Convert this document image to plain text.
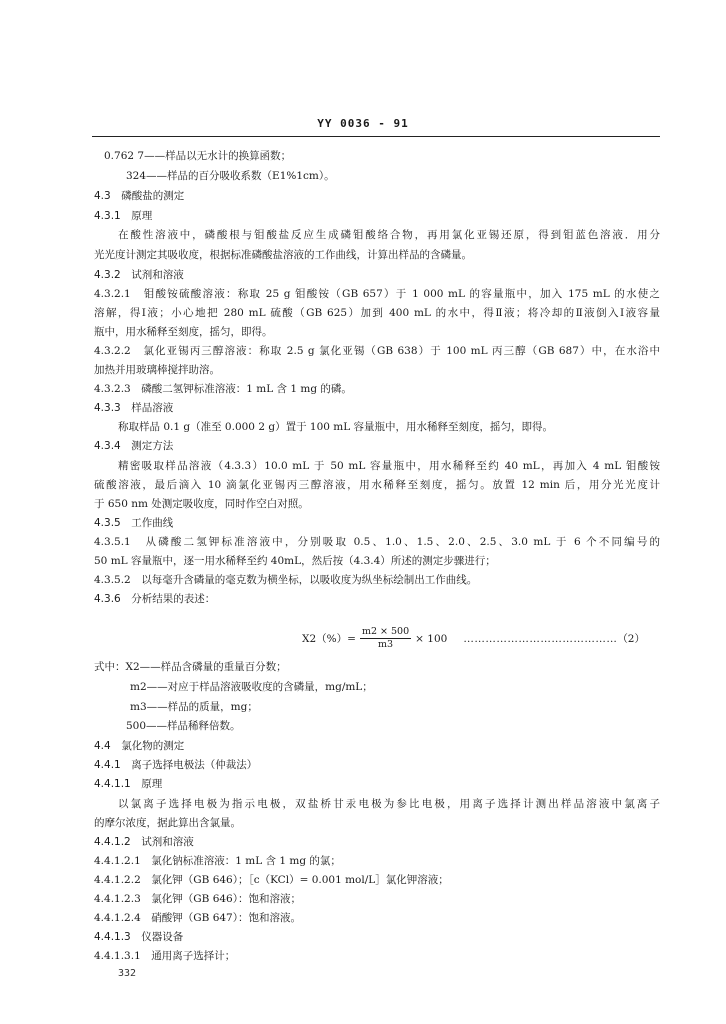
YY 0036 - 91
0.762 7——样品以无水计的换算函数；
324——样品的百分吸收系数（E1%1cm）。
4.3　磷酸盐的测定
4.3.1　原理
在酸性溶液中，磷酸根与钼酸盐反应生成磷钼酸络合物，再用氯化亚锡还原，得到钼蓝色溶液．用分
光光度计测定其吸收度，根据标准磷酸盐溶液的工作曲线，计算出样品的含磷量。
4.3.2　试剂和溶液
4.3.2.1　钼酸铵硫酸溶液：称取 25 g 钼酸铵（GB 657）于 1 000 mL 的容量瓶中，加入 175 mL 的水使之
溶解，得Ⅰ液；小心地把 280 mL 硫酸（GB 625）加到 400 mL 的水中，得Ⅱ液；将冷却的Ⅱ液倒入Ⅰ液容量
瓶中，用水稀释至刻度，摇匀，即得。
4.3.2.2　氯化亚锡丙三醇溶液：称取 2.5 g 氯化亚锡（GB 638）于 100 mL 丙三醇（GB 687）中，在水浴中
加热并用玻璃棒搅拌助溶。
4.3.2.3　磷酸二氢钾标准溶液：1 mL 含 1 mg 的磷。
4.3.3　样品溶液
称取样品 0.1 g（准至 0.000 2 g）置于 100 mL 容量瓶中，用水稀释至刻度，摇匀，即得。
4.3.4　测定方法
精密吸取样品溶液（4.3.3）10.0 mL 于 50 mL 容量瓶中，用水稀释至约 40 mL，再加入 4 mL 钼酸铵
硫酸溶液，最后滴入 10 滴氯化亚锡丙三醇溶液，用水稀释至刻度，摇匀。放置 12 min 后，用分光光度计
于 650 nm 处测定吸收度，同时作空白对照。
4.3.5　工作曲线
4.3.5.1　从磷酸二氢钾标准溶液中，分别吸取 0.5、1.0、1.5、2.0、2.5、3.0 mL 于 6 个不同编号的
50 mL 容量瓶中，逐一用水稀释至约 40mL，然后按（4.3.4）所述的测定步骤进行；
4.3.5.2　以每毫升含磷量的毫克数为横坐标，以吸收度为纵坐标绘制出工作曲线。
4.3.6　分析结果的表述：
$X2(\%)= \frac{m2 \times 500}{m3} \times 100$ …………………………………… （2）
式中：X2——样品含磷量的重量百分数；
m2——对应于样品溶液吸收度的含磷量，mg/mL；
m3——样品的质量，mg；
500——样品稀释倍数。
4.4　氯化物的测定
4.4.1　离子选择电极法（仲裁法）
4.4.1.1　原理
以氯离子选择电极为指示电极，双盐桥甘汞电极为参比电极，用离子选择计测出样品溶液中氯离子
的摩尔浓度，据此算出含氯量。
4.4.1.2　试剂和溶液
4.4.1.2.1　氯化钠标准溶液：1 mL 含 1 mg 的氯；
4.4.1.2.2　氯化钾（GB 646）；［c（KCl）= 0.001 mol/L］氯化钾溶液；
4.4.1.2.3　氯化钾（GB 646）：饱和溶液；
4.4.1.2.4　硝酸钾（GB 647）：饱和溶液。
4.4.1.3　仪器设备
4.4.1.3.1　通用离子选择计；
332
